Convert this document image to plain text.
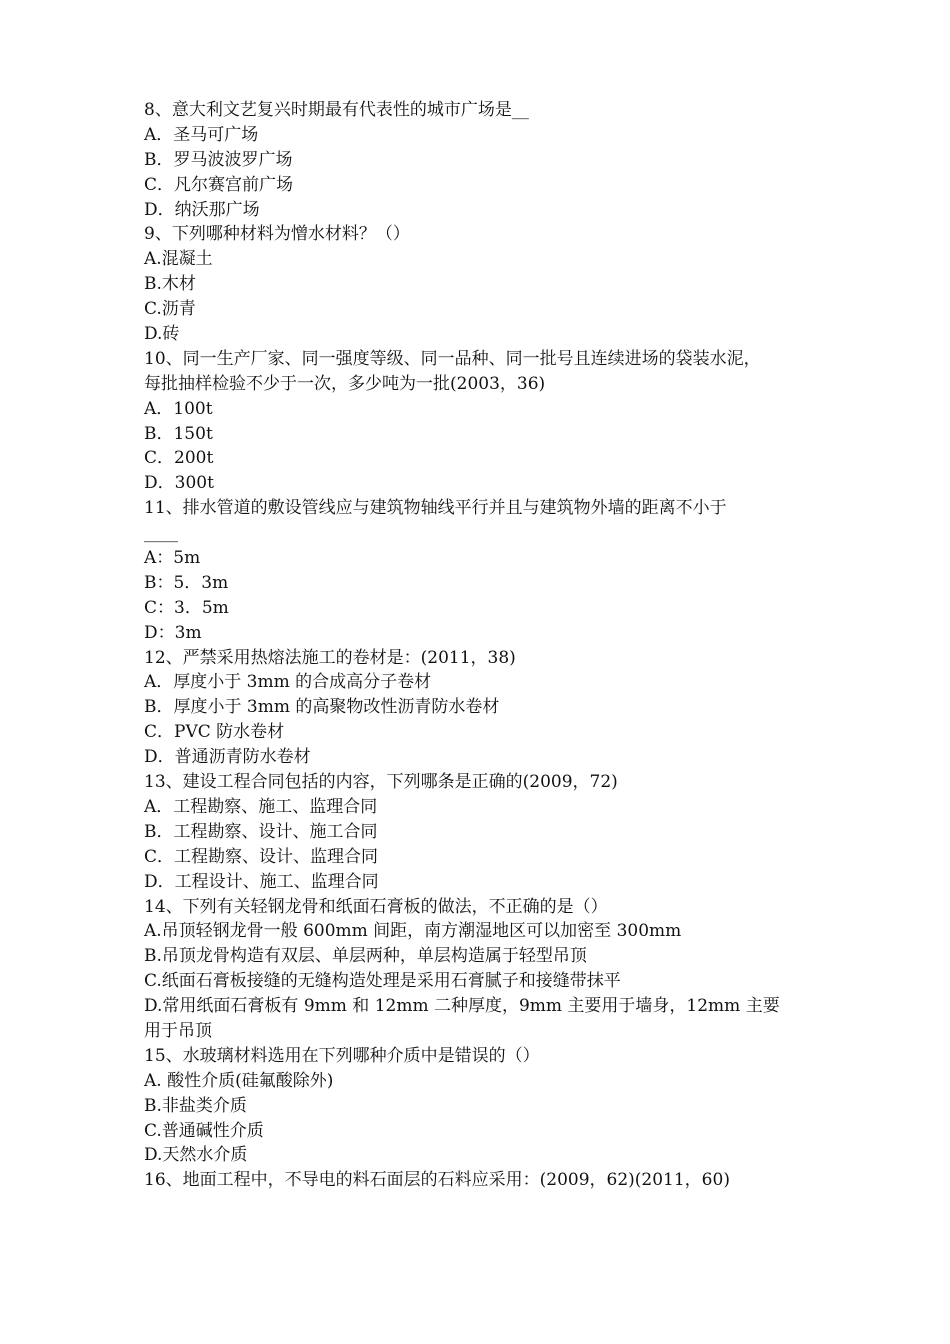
8、意大利文艺复兴时期最有代表性的城市广场是__
A．圣马可广场
B．罗马波波罗广场
C．凡尔赛宫前广场
D．纳沃那广场
9、下列哪种材料为憎水材料？（）
A.混凝土
B.木材
C.沥青
D.砖
10、同一生产厂家、同一强度等级、同一品种、同一批号且连续进场的袋装水泥，
每批抽样检验不少于一次，多少吨为一批(2003，36)
A．100t
B．150t
C．200t
D．300t
11、排水管道的敷设管线应与建筑物轴线平行并且与建筑物外墙的距离不小于
____
A：5m
B：5．3m
C：3．5m
D：3m
12、严禁采用热熔法施工的卷材是：(2011，38)
A．厚度小于 3mm 的合成高分子卷材
B．厚度小于 3mm 的高聚物改性沥青防水卷材
C．PVC 防水卷材
D．普通沥青防水卷材
13、建设工程合同包括的内容，下列哪条是正确的(2009，72)
A．工程勘察、施工、监理合同
B．工程勘察、设计、施工合同
C．工程勘察、设计、监理合同
D．工程设计、施工、监理合同
14、下列有关轻钢龙骨和纸面石膏板的做法，不正确的是（）
A.吊顶轻钢龙骨一般 600mm 间距，南方潮湿地区可以加密至 300mm
B.吊顶龙骨构造有双层、单层两种，单层构造属于轻型吊顶
C.纸面石膏板接缝的无缝构造处理是采用石膏腻子和接缝带抹平
D.常用纸面石膏板有 9mm 和 12mm 二种厚度，9mm 主要用于墙身，12mm 主要
用于吊顶
15、水玻璃材料选用在下列哪种介质中是错误的（）
A. 酸性介质(硅氟酸除外)
B.非盐类介质
C.普通碱性介质
D.天然水介质
16、地面工程中，不导电的料石面层的石料应采用：(2009，62)(2011，60)
